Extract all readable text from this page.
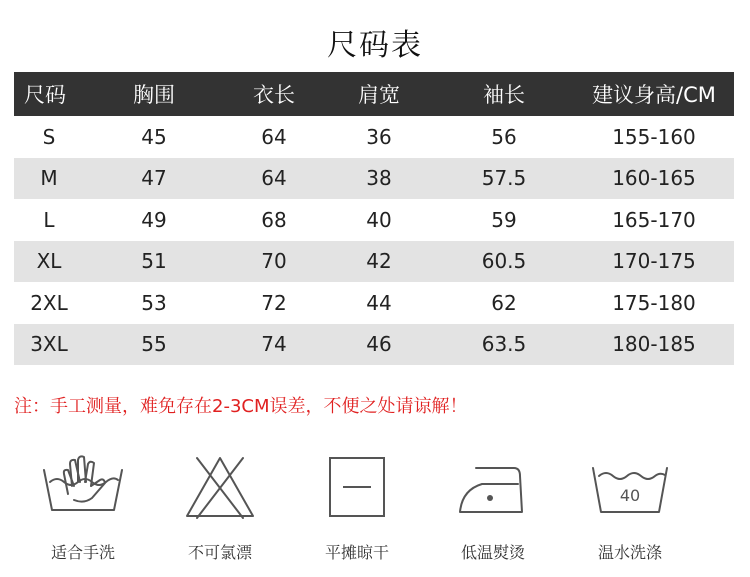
尺码表
尺码	胸围	衣长	肩宽	袖长	建议身高/CM
S	45	64	36	56	155-160
M	47	64	38	57.5	160-165
L	49	68	40	59	165-170
XL	51	70	42	60.5	170-175
2XL	53	72	44	62	175-180
3XL	55	74	46	63.5	180-185
注：手工测量，难免存在2-3CM误差，不便之处请谅解！
适合手洗	不可氯漂	平摊晾干	低温熨烫
40
温水洗涤
